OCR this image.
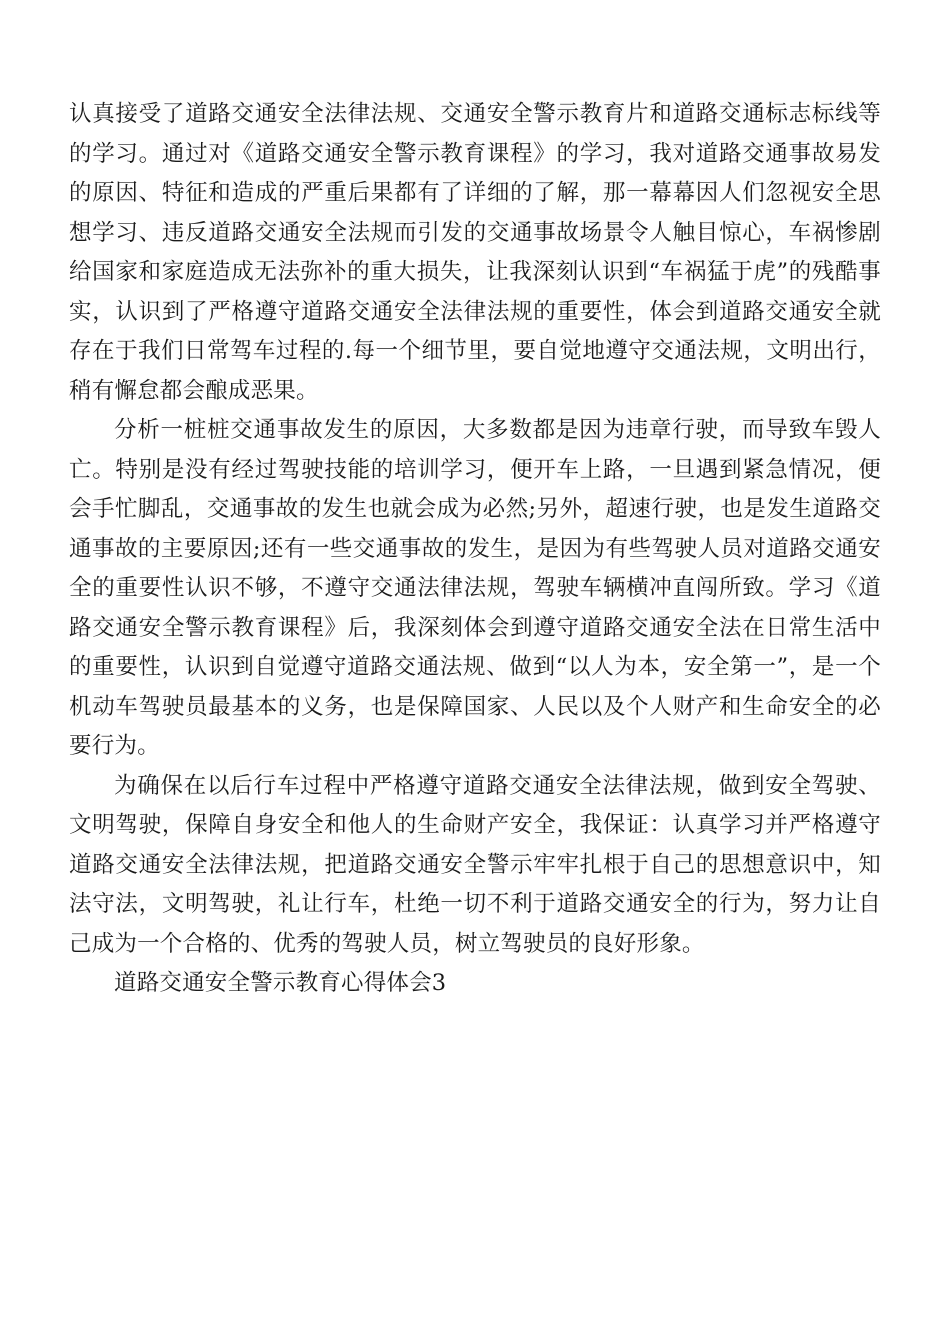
认真接受了道路交通安全法律法规、交通安全警示教育片和道路交通标志标线等的学习。通过对《道路交通安全警示教育课程》的学习，我对道路交通事故易发的原因、特征和造成的严重后果都有了详细的了解，那一幕幕因人们忽视安全思想学习、违反道路交通安全法规而引发的交通事故场景令人触目惊心，车祸惨剧给国家和家庭造成无法弥补的重大损失，让我深刻认识到“车祸猛于虎”的残酷事实，认识到了严格遵守道路交通安全法律法规的重要性，体会到道路交通安全就存在于我们日常驾车过程的.每一个细节里，要自觉地遵守交通法规，文明出行，稍有懈怠都会酿成恶果。

分析一桩桩交通事故发生的原因，大多数都是因为违章行驶，而导致车毁人亡。特别是没有经过驾驶技能的培训学习，便开车上路，一旦遇到紧急情况，便会手忙脚乱，交通事故的发生也就会成为必然;另外，超速行驶，也是发生道路交通事故的主要原因;还有一些交通事故的发生，是因为有些驾驶人员对道路交通安全的重要性认识不够，不遵守交通法律法规，驾驶车辆横冲直闯所致。学习《道路交通安全警示教育课程》后，我深刻体会到遵守道路交通安全法在日常生活中的重要性，认识到自觉遵守道路交通法规、做到“以人为本，安全第一”，是一个机动车驾驶员最基本的义务，也是保障国家、人民以及个人财产和生命安全的必要行为。

为确保在以后行车过程中严格遵守道路交通安全法律法规，做到安全驾驶、文明驾驶，保障自身安全和他人的生命财产安全，我保证：认真学习并严格遵守道路交通安全法律法规，把道路交通安全警示牢牢扎根于自己的思想意识中，知法守法，文明驾驶，礼让行车，杜绝一切不利于道路交通安全的行为，努力让自己成为一个合格的、优秀的驾驶人员，树立驾驶员的良好形象。

道路交通安全警示教育心得体会3
